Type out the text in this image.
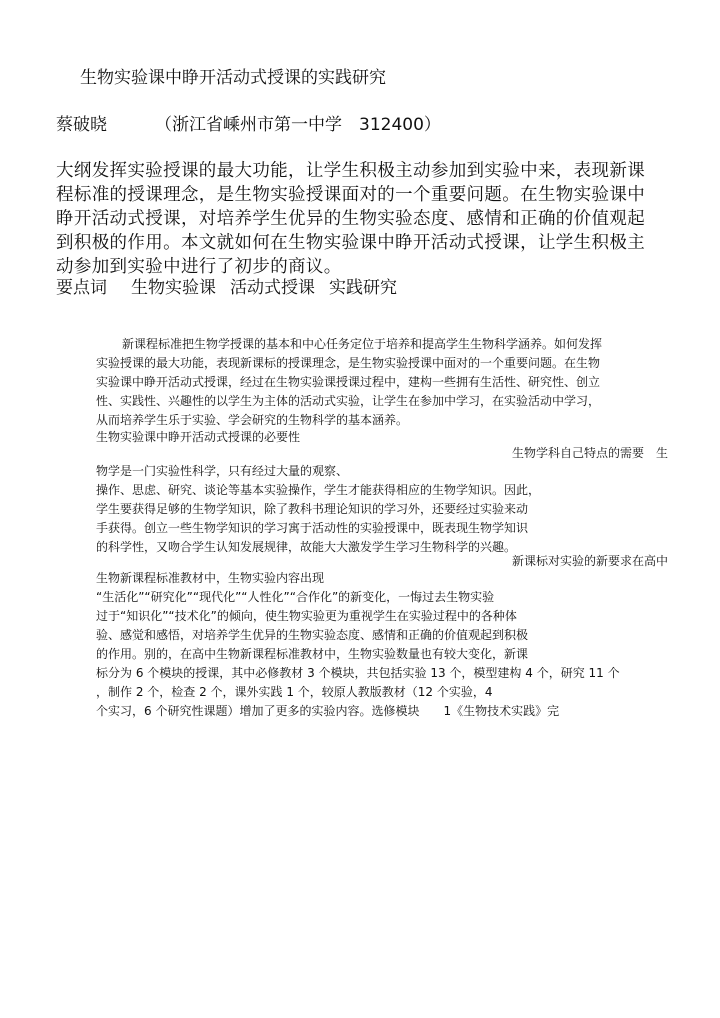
生物实验课中睁开活动式授课的实践研究
蔡破晓	（浙江省嵊州市第一中学　312400）
大纲发挥实验授课的最大功能，让学生积极主动参加到实验中来，表现新课
程标准的授课理念，是生物实验授课面对的一个重要问题。在生物实验课中
睁开活动式授课，对培养学生优异的生物实验态度、感情和正确的价值观起
到积极的作用。本文就如何在生物实验课中睁开活动式授课，让学生积极主
动参加到实验中进行了初步的商议。
要点词 生物实验课 活动式授课 实践研究
新课程标准把生物学授课的基本和中心任务定位于培养和提高学生生物科学涵养。如何发挥
实验授课的最大功能，表现新课标的授课理念，是生物实验授课中面对的一个重要问题。在生物
实验课中睁开活动式授课，经过在生物实验课授课过程中，建构一些拥有生活性、研究性、创立
性、实践性、兴趣性的以学生为主体的活动式实验，让学生在参加中学习，在实验活动中学习，
从而培养学生乐于实验、学会研究的生物科学的基本涵养。
生物实验课中睁开活动式授课的必要性
生物学科自己特点的需要　生
物学是一门实验性科学，只有经过大量的观察、
操作、思虑、研究、谈论等基本实验操作，学生才能获得相应的生物学知识。因此，
学生要获得足够的生物学知识，除了教科书理论知识的学习外，还要经过实验来动
手获得。创立一些生物学知识的学习寓于活动性的实验授课中，既表现生物学知识
的科学性，又吻合学生认知发展规律，故能大大激发学生学习生物科学的兴趣。
新课标对实验的新要求在高中
生物新课程标准教材中，生物实验内容出现
“生活化”“研究化”“现代化”“人性化”“合作化”的新变化，一悔过去生物实验
过于“知识化”“技术化”的倾向，使生物实验更为重视学生在实验过程中的各种体
验、感觉和感悟，对培养学生优异的生物实验态度、感情和正确的价值观起到积极
的作用。别的，在高中生物新课程标准教材中，生物实验数量也有较大变化，新课
标分为 6 个模块的授课，其中必修教材 3 个模块，共包括实验 13 个，模型建构 4 个，研究 11 个
，制作 2 个，检查 2 个，课外实践 1 个，较原人教版教材（12 个实验，4
个实习，6 个研究性课题）增加了更多的实验内容。选修模块　　1《生物技术实践》完
